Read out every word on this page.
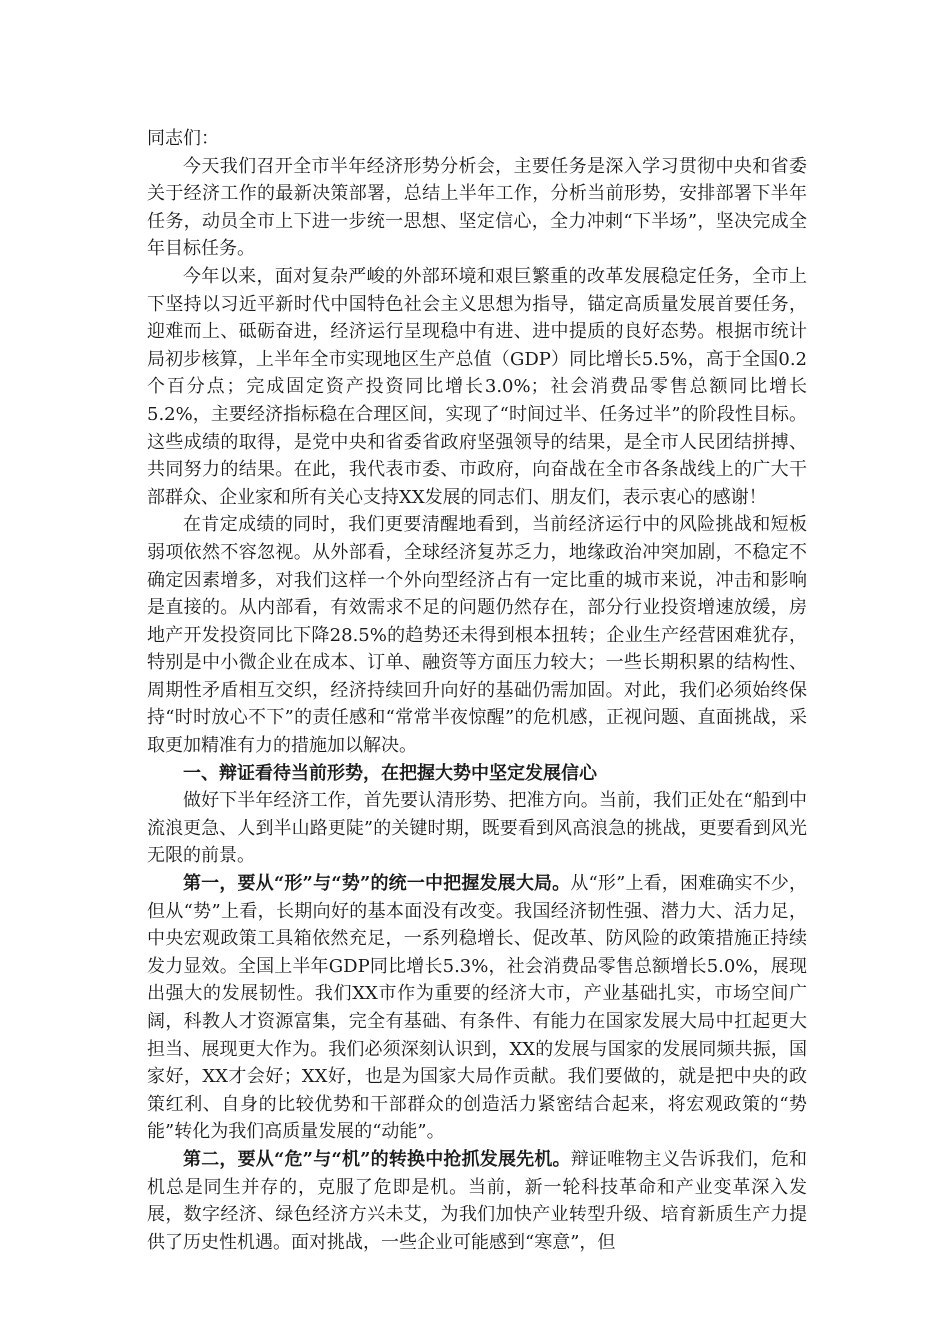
同志们：

今天我们召开全市半年经济形势分析会，主要任务是深入学习贯彻中央和省委关于经济工作的最新决策部署，总结上半年工作，分析当前形势，安排部署下半年任务，动员全市上下进一步统一思想、坚定信心，全力冲刺“下半场”，坚决完成全年目标任务。

今年以来，面对复杂严峻的外部环境和艰巨繁重的改革发展稳定任务，全市上下坚持以习近平新时代中国特色社会主义思想为指导，锚定高质量发展首要任务，迎难而上、砥砺奋进，经济运行呈现稳中有进、进中提质的良好态势。根据市统计局初步核算，上半年全市实现地区生产总值（GDP）同比增长5.5%，高于全国0.2个百分点；完成固定资产投资同比增长3.0%；社会消费品零售总额同比增长5.2%，主要经济指标稳在合理区间，实现了“时间过半、任务过半”的阶段性目标。这些成绩的取得，是党中央和省委省政府坚强领导的结果，是全市人民团结拼搏、共同努力的结果。在此，我代表市委、市政府，向奋战在全市各条战线上的广大干部群众、企业家和所有关心支持XX发展的同志们、朋友们，表示衷心的感谢！

在肯定成绩的同时，我们更要清醒地看到，当前经济运行中的风险挑战和短板弱项依然不容忽视。从外部看，全球经济复苏乏力，地缘政治冲突加剧，不稳定不确定因素增多，对我们这样一个外向型经济占有一定比重的城市来说，冲击和影响是直接的。从内部看，有效需求不足的问题仍然存在，部分行业投资增速放缓，房地产开发投资同比下降28.5%的趋势还未得到根本扭转；企业生产经营困难犹存，特别是中小微企业在成本、订单、融资等方面压力较大；一些长期积累的结构性、周期性矛盾相互交织，经济持续回升向好的基础仍需加固。对此，我们必须始终保持“时时放心不下”的责任感和“常常半夜惊醒”的危机感，正视问题、直面挑战，采取更加精准有力的措施加以解决。

一、辩证看待当前形势，在把握大势中坚定发展信心

做好下半年经济工作，首先要认清形势、把准方向。当前，我们正处在“船到中流浪更急、人到半山路更陡”的关键时期，既要看到风高浪急的挑战，更要看到风光无限的前景。

第一，要从“形”与“势”的统一中把握发展大局。从“形”上看，困难确实不少，但从“势”上看，长期向好的基本面没有改变。我国经济韧性强、潜力大、活力足，中央宏观政策工具箱依然充足，一系列稳增长、促改革、防风险的政策措施正持续发力显效。全国上半年GDP同比增长5.3%，社会消费品零售总额增长5.0%，展现出强大的发展韧性。我们XX市作为重要的经济大市，产业基础扎实，市场空间广阔，科教人才资源富集，完全有基础、有条件、有能力在国家发展大局中扛起更大担当、展现更大作为。我们必须深刻认识到，XX的发展与国家的发展同频共振，国家好，XX才会好；XX好，也是为国家大局作贡献。我们要做的，就是把中央的政策红利、自身的比较优势和干部群众的创造活力紧密结合起来，将宏观政策的“势能”转化为我们高质量发展的“动能”。

第二，要从“危”与“机”的转换中抢抓发展先机。辩证唯物主义告诉我们，危和机总是同生并存的，克服了危即是机。当前，新一轮科技革命和产业变革深入发展，数字经济、绿色经济方兴未艾，为我们加快产业转型升级、培育新质生产力提供了历史性机遇。面对挑战，一些企业可能感到“寒意”，但
